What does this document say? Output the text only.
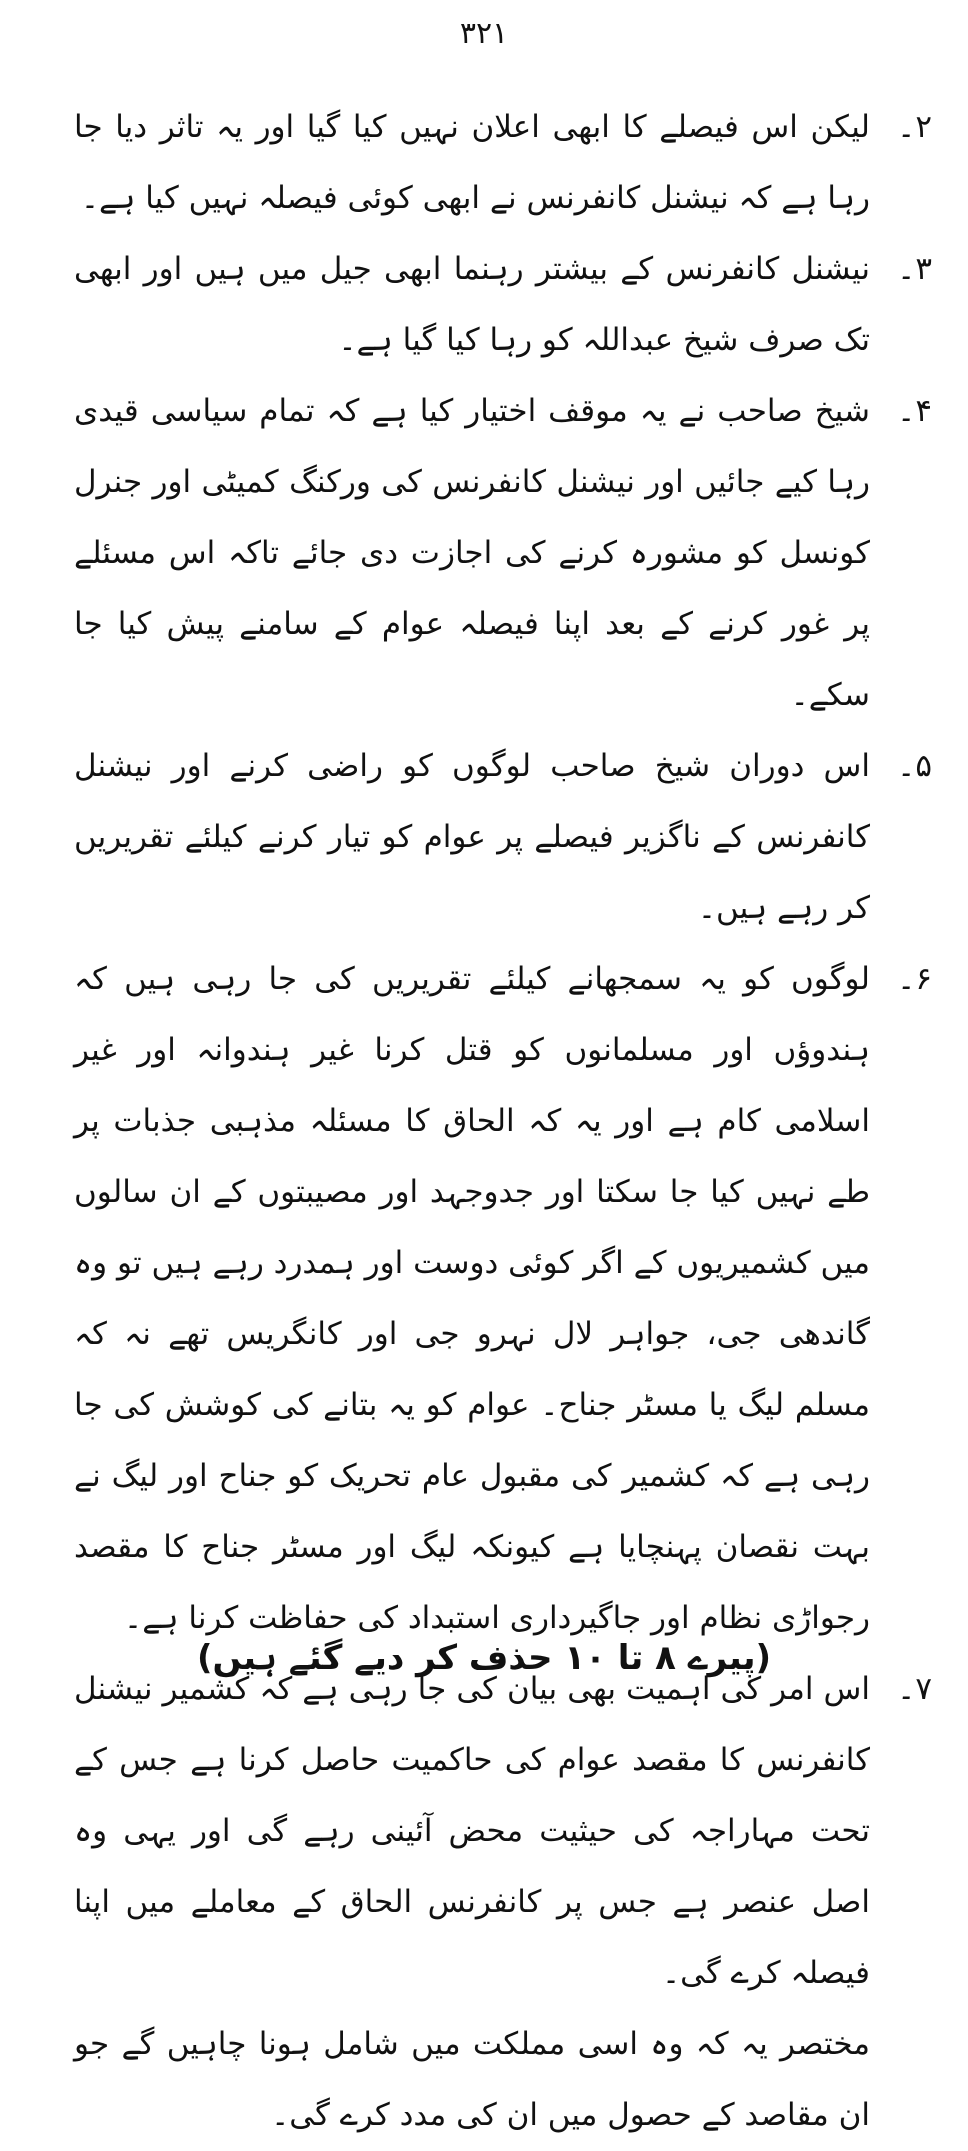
۳۲۱
۲۔
لیکن اس فیصلے کا ابھی اعلان نہیں کیا گیا اور یہ تاثر دیا جا رہا ہے کہ نیشنل کانفرنس نے ابھی کوئی فیصلہ نہیں کیا ہے۔
۳۔
نیشنل کانفرنس کے بیشتر رہنما ابھی جیل میں ہیں اور ابھی تک صرف شیخ عبداللہ کو رہا کیا گیا ہے۔
۴۔
شیخ صاحب نے یہ موقف اختیار کیا ہے کہ تمام سیاسی قیدی رہا کیے جائیں اور نیشنل کانفرنس کی ورکنگ کمیٹی اور جنرل کونسل کو مشورہ کرنے کی اجازت دی جائے تاکہ اس مسئلے پر غور کرنے کے بعد اپنا فیصلہ عوام کے سامنے پیش کیا جا سکے۔
۵۔
اس دوران شیخ صاحب لوگوں کو راضی کرنے اور نیشنل کانفرنس کے ناگزیر فیصلے پر عوام کو تیار کرنے کیلئے تقریریں کر رہے ہیں۔
۶۔
لوگوں کو یہ سمجھانے کیلئے تقریریں کی جا رہی ہیں کہ ہندوؤں اور مسلمانوں کو قتل کرنا غیر ہندوانہ اور غیر اسلامی کام ہے اور یہ کہ الحاق کا مسئلہ مذہبی جذبات پر طے نہیں کیا جا سکتا اور جدوجہد اور مصیبتوں کے ان سالوں میں کشمیریوں کے اگر کوئی دوست اور ہمدرد رہے ہیں تو وہ گاندھی جی، جواہر لال نہرو جی اور کانگریس تھے نہ کہ مسلم لیگ یا مسٹر جناح۔ عوام کو یہ بتانے کی کوشش کی جا رہی ہے کہ کشمیر کی مقبول عام تحریک کو جناح اور لیگ نے بہت نقصان پہنچایا ہے کیونکہ لیگ اور مسٹر جناح کا مقصد رجواڑی نظام اور جاگیرداری استبداد کی حفاظت کرنا ہے۔
۷۔
اس امر کی اہمیت بھی بیان کی جا رہی ہے کہ کشمیر نیشنل کانفرنس کا مقصد عوام کی حاکمیت حاصل کرنا ہے جس کے تحت مہاراجہ کی حیثیت محض آئینی رہے گی اور یہی وہ اصل عنصر ہے جس پر کانفرنس الحاق کے معاملے میں اپنا فیصلہ کرے گی۔
مختصر یہ کہ وہ اسی مملکت میں شامل ہونا چاہیں گے جو ان مقاصد کے حصول میں ان کی مدد کرے گی۔
(پیرے ۸ تا ۱۰ حذف کر دیے گئے ہیں)
